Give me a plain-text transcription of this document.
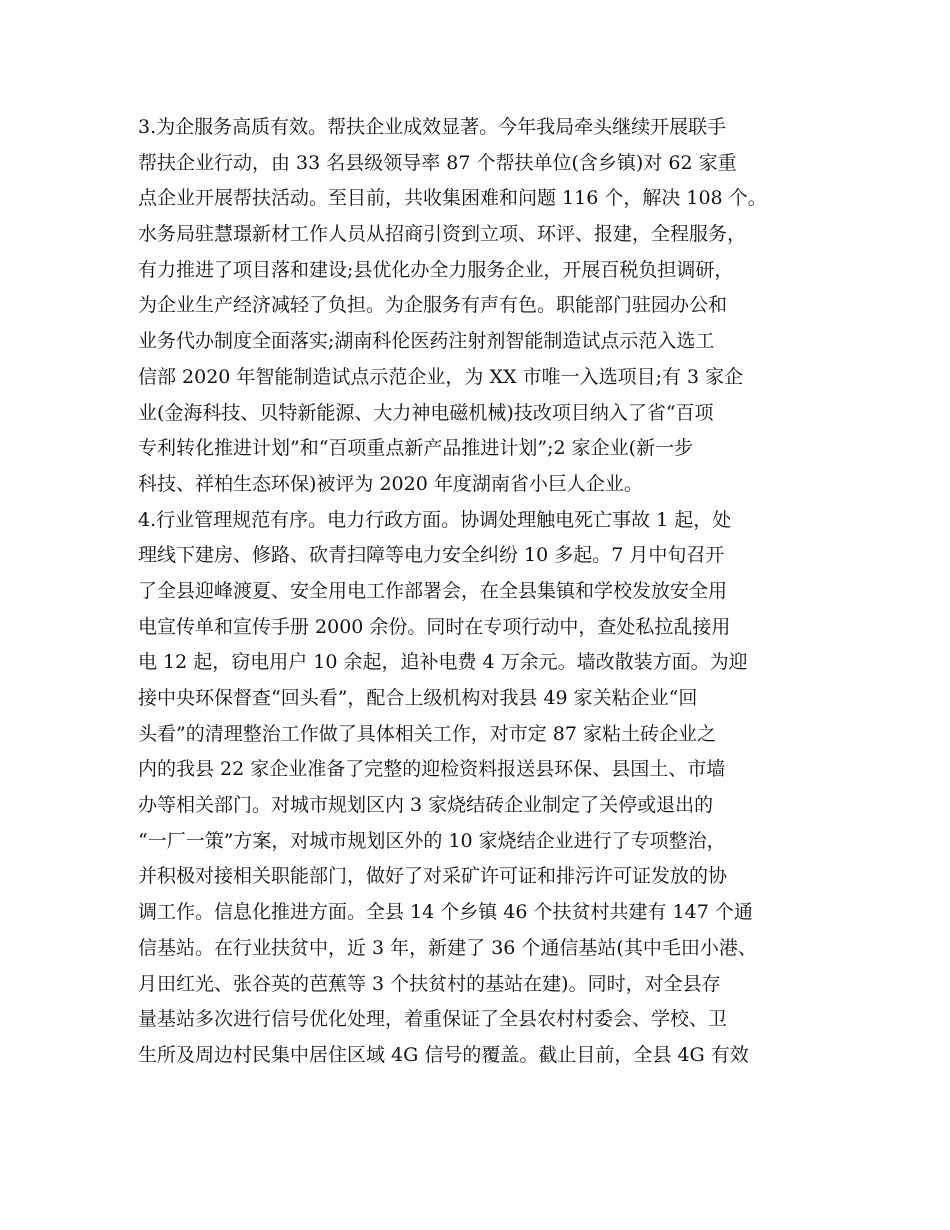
3.为企服务高质有效。帮扶企业成效显著。今年我局牵头继续开展联手
帮扶企业行动，由 33 名县级领导率 87 个帮扶单位(含乡镇)对 62 家重
点企业开展帮扶活动。至目前，共收集困难和问题 116 个，解决 108 个。
水务局驻慧璟新材工作人员从招商引资到立项、环评、报建，全程服务，
有力推进了项目落和建设;县优化办全力服务企业，开展百税负担调研，
为企业生产经济减轻了负担。为企服务有声有色。职能部门驻园办公和
业务代办制度全面落实;湖南科伦医药注射剂智能制造试点示范入选工
信部 2020 年智能制造试点示范企业，为 XX 市唯一入选项目;有 3 家企
业(金海科技、贝特新能源、大力神电磁机械)技改项目纳入了省“百项
专利转化推进计划”和“百项重点新产品推进计划”;2 家企业(新一步
科技、祥柏生态环保)被评为 2020 年度湖南省小巨人企业。
4.行业管理规范有序。电力行政方面。协调处理触电死亡事故 1 起，处
理线下建房、修路、砍青扫障等电力安全纠纷 10 多起。7 月中旬召开
了全县迎峰渡夏、安全用电工作部署会，在全县集镇和学校发放安全用
电宣传单和宣传手册 2000 余份。同时在专项行动中，查处私拉乱接用
电 12 起，窃电用户 10 余起，追补电费 4 万余元。墙改散装方面。为迎
接中央环保督查“回头看”，配合上级机构对我县 49 家关粘企业“回
头看”的清理整治工作做了具体相关工作，对市定 87 家粘土砖企业之
内的我县 22 家企业准备了完整的迎检资料报送县环保、县国土、市墙
办等相关部门。对城市规划区内 3 家烧结砖企业制定了关停或退出的
“一厂一策”方案，对城市规划区外的 10 家烧结企业进行了专项整治，
并积极对接相关职能部门，做好了对采矿许可证和排污许可证发放的协
调工作。信息化推进方面。全县 14 个乡镇 46 个扶贫村共建有 147 个通
信基站。在行业扶贫中，近 3 年，新建了 36 个通信基站(其中毛田小港、
月田红光、张谷英的芭蕉等 3 个扶贫村的基站在建)。同时，对全县存
量基站多次进行信号优化处理，着重保证了全县农村村委会、学校、卫
生所及周边村民集中居住区域 4G 信号的覆盖。截止目前，全县 4G 有效
